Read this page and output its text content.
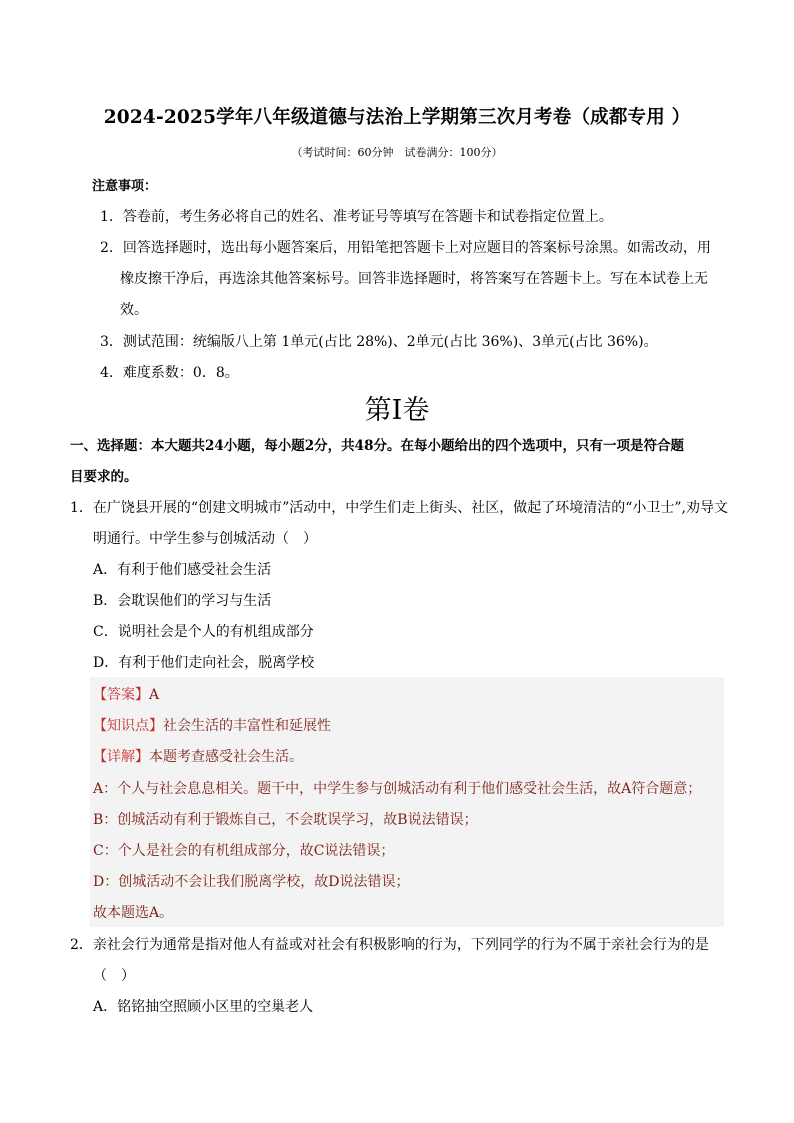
2024-2025学年八年级道德与法治上学期第三次月考卷（成都专用 ）
（考试时间：60分钟　试卷满分：100分）
注意事项：
1．答卷前，考生务必将自己的姓名、准考证号等填写在答题卡和试卷指定位置上。
2．回答选择题时，选出每小题答案后，用铅笔把答题卡上对应题目的答案标号涂黑。如需改动，用
橡皮擦干净后，再选涂其他答案标号。回答非选择题时，将答案写在答题卡上。写在本试卷上无
效。
3．测试范围：统编版八上第 1单元(占比 28%)、2单元(占比 36%)、3单元(占比 36%)。
4．难度系数：0．8。
第Ⅰ卷
一、选择题：本大题共24小题，每小题2分，共48分。在每小题给出的四个选项中，只有一项是符合题
目要求的。
1．在广饶县开展的“创建文明城市”活动中，中学生们走上街头、社区，做起了环境清洁的“小卫士”,劝导文
明通行。中学生参与创城活动（　）
A．有利于他们感受社会生活
B．会耽误他们的学习与生活
C．说明社会是个人的有机组成部分
D．有利于他们走向社会，脱离学校
【答案】A
【知识点】社会生活的丰富性和延展性
【详解】本题考查感受社会生活。
A：个人与社会息息相关。题干中，中学生参与创城活动有利于他们感受社会生活，故A符合题意；
B：创城活动有利于锻炼自己，不会耽误学习，故B说法错误；
C：个人是社会的有机组成部分，故C说法错误；
D：创城活动不会让我们脱离学校，故D说法错误；
故本题选A。
2．亲社会行为通常是指对他人有益或对社会有积极影响的行为，下列同学的行为不属于亲社会行为的是
（　）
A．铭铭抽空照顾小区里的空巢老人
